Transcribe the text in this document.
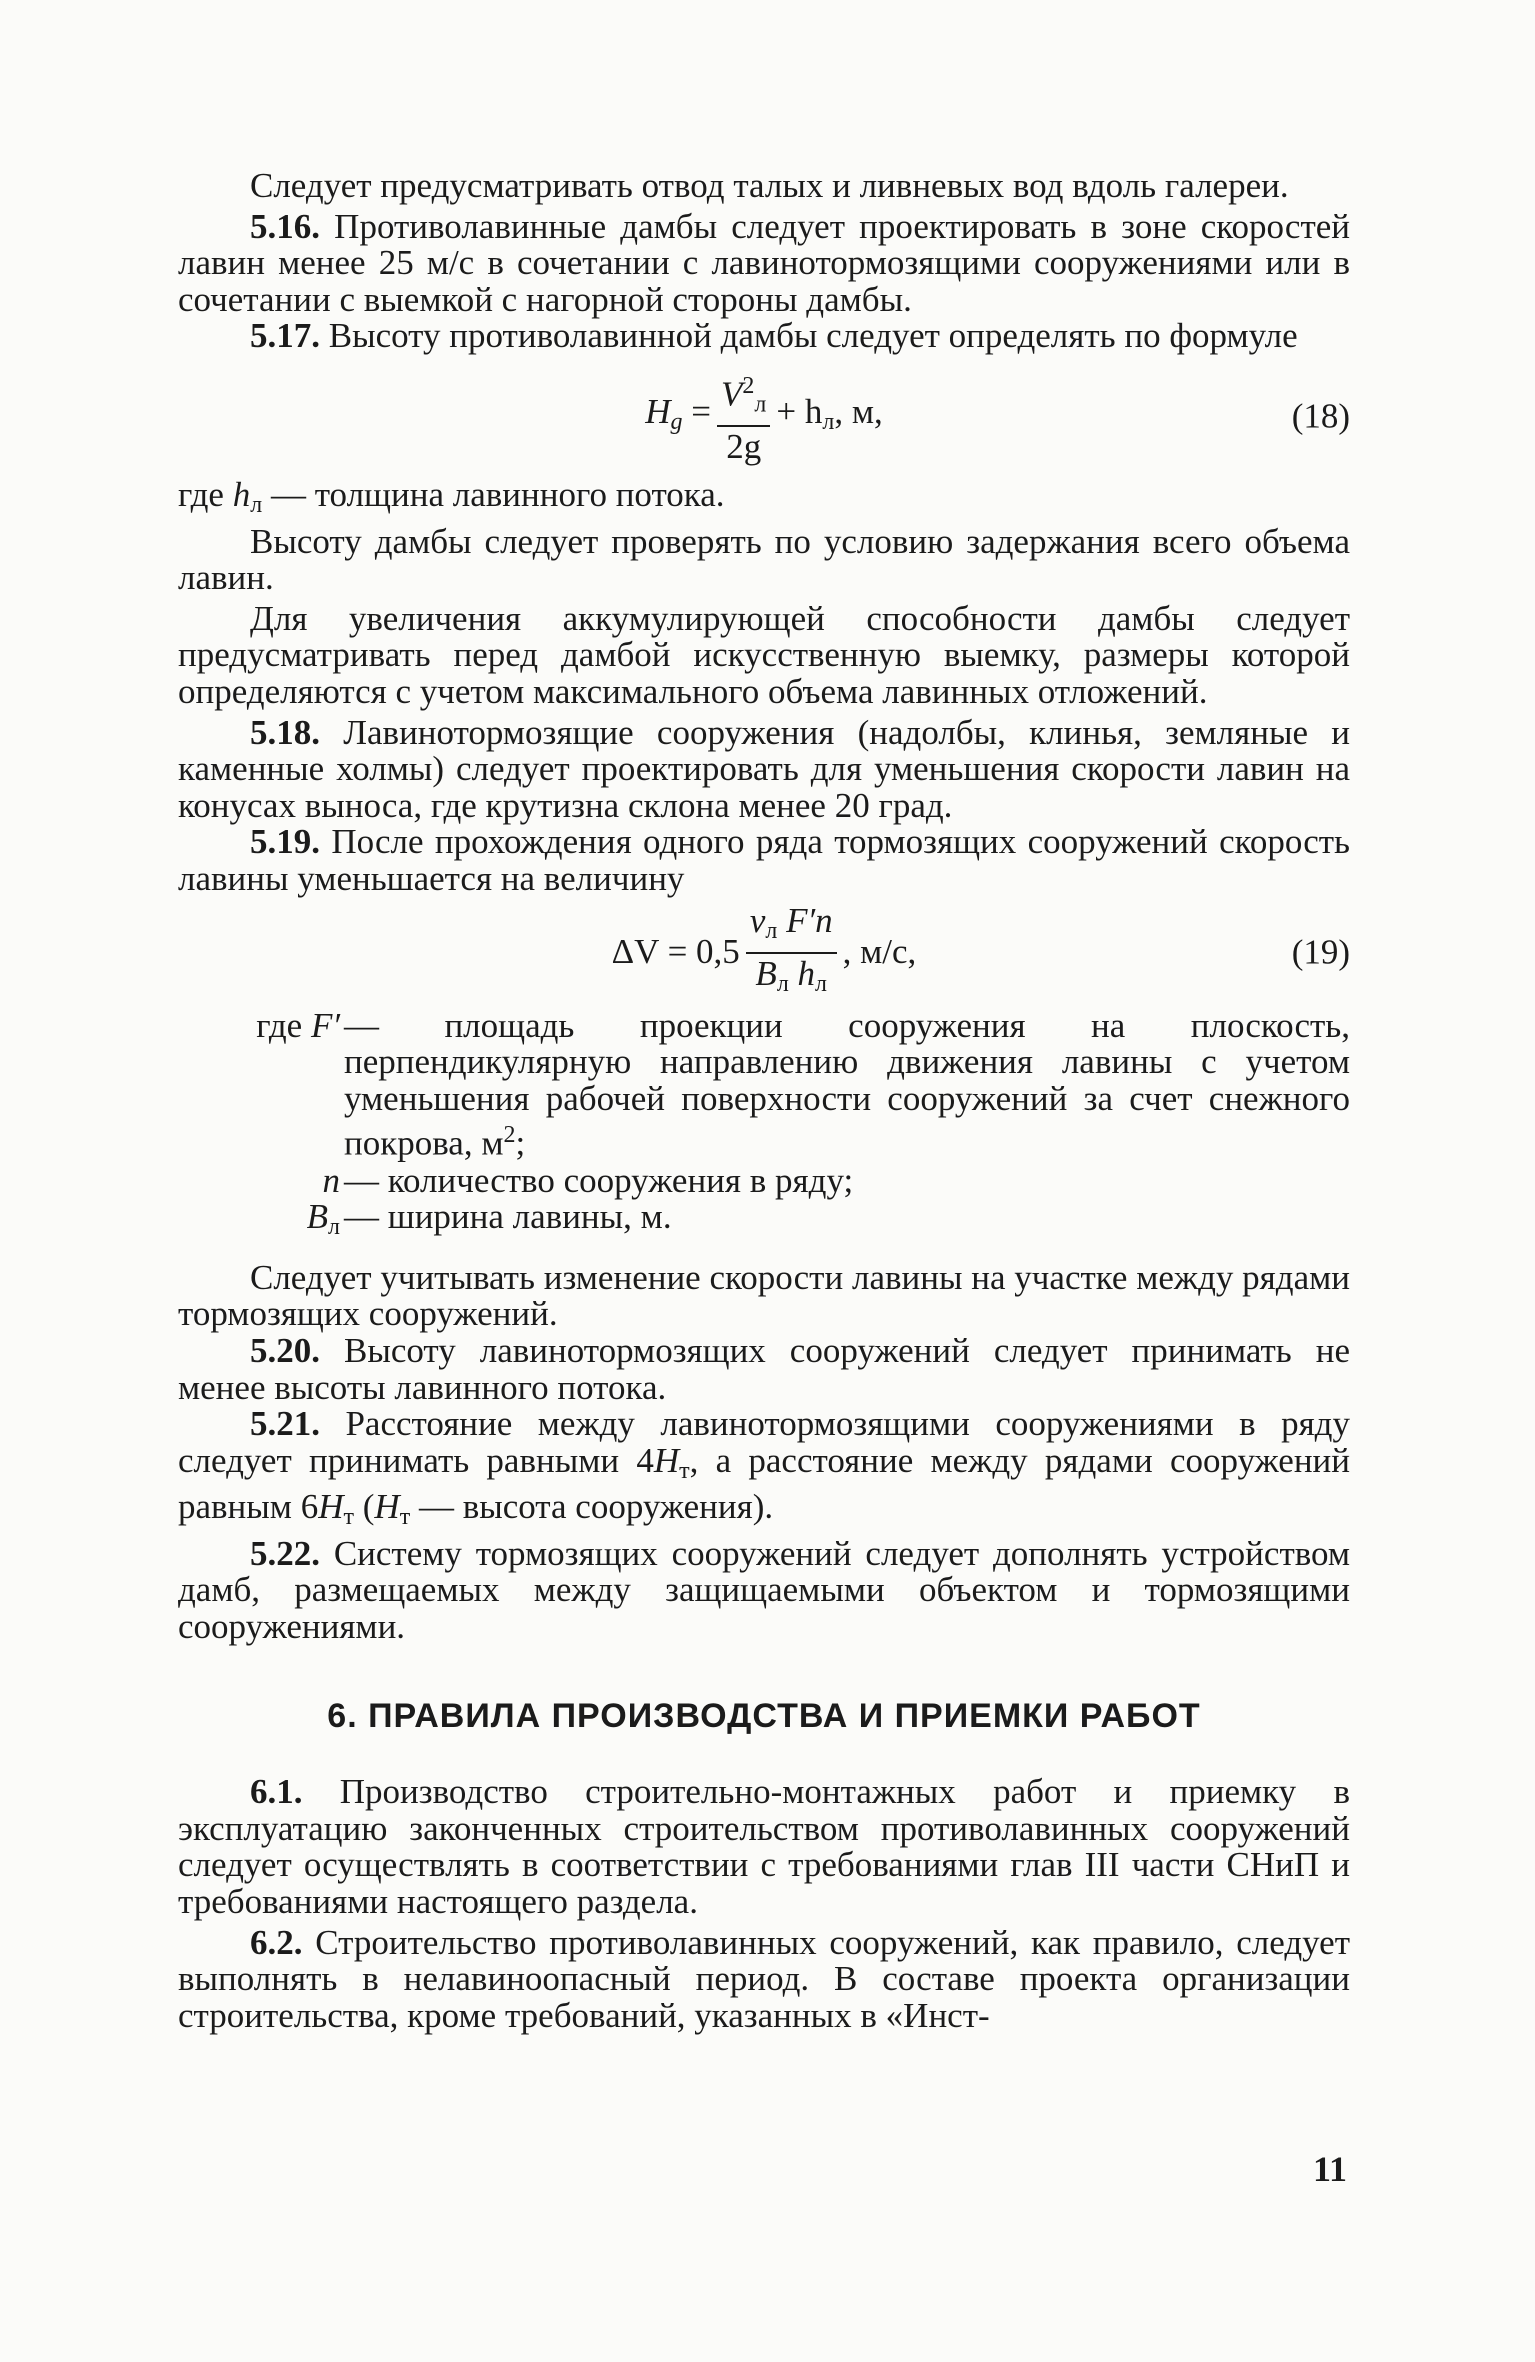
Следует предусматривать отвод талых и ливневых вод вдоль галереи.

5.16. Противолавинные дамбы следует проектировать в зоне скоростей лавин менее 25 м/с в сочетании с лавинотормозящими сооружениями или в сочетании с выемкой с нагорной стороны дамбы.

5.17. Высоту противолавинной дамбы следует определять по формуле

$H_g = \frac{V^2_л}{2g} + h_л$, м,	(18)

где $h_л$ — толщина лавинного потока.

Высоту дамбы следует проверять по условию задержания всего объема лавин.

Для увеличения аккумулирующей способности дамбы следует предусматривать перед дамбой искусственную выемку, размеры которой определяются с учетом максимального объема лавинных отложений.

5.18. Лавинотормозящие сооружения (надолбы, клинья, земляные и каменные холмы) следует проектировать для уменьшения скорости лавин на конусах выноса, где крутизна склона менее 20 град.

5.19. После прохождения одного ряда тормозящих сооружений скорость лавины уменьшается на величину

$\Delta V = 0,5 \frac{v_л F'n}{B_л h_л}$ , м/с,	(19)
где F′ — площадь проекции сооружения на плоскость, перпендикулярную направлению движения лавины с учетом уменьшения рабочей поверхности сооружений за счет снежного покрова, $м^2$;
n — количество сооружения в ряду;
$B_л$ — ширина лавины, м.

Следует учитывать изменение скорости лавины на участке между рядами тормозящих сооружений.

5.20. Высоту лавинотормозящих сооружений следует принимать не менее высоты лавинного потока.

5.21. Расстояние между лавинотормозящими сооружениями в ряду следует принимать равными $4H_т$, а расстояние между рядами сооружений равным $6H_т$ ($H_т$ — высота сооружения).

5.22. Систему тормозящих сооружений следует дополнять устройством дамб, размещаемых между защищаемыми объектом и тормозящими сооружениями.

6. ПРАВИЛА ПРОИЗВОДСТВА И ПРИЕМКИ РАБОТ

6.1. Производство строительно-монтажных работ и приемку в эксплуатацию законченных строительством противолавинных сооружений следует осуществлять в соответствии с требованиями глав III части СНиП и требованиями настоящего раздела.

6.2. Строительство противолавинных сооружений, как правило, следует выполнять в нелавиноопасный период. В составе проекта организации строительства, кроме требований, указанных в «Инст-

11
